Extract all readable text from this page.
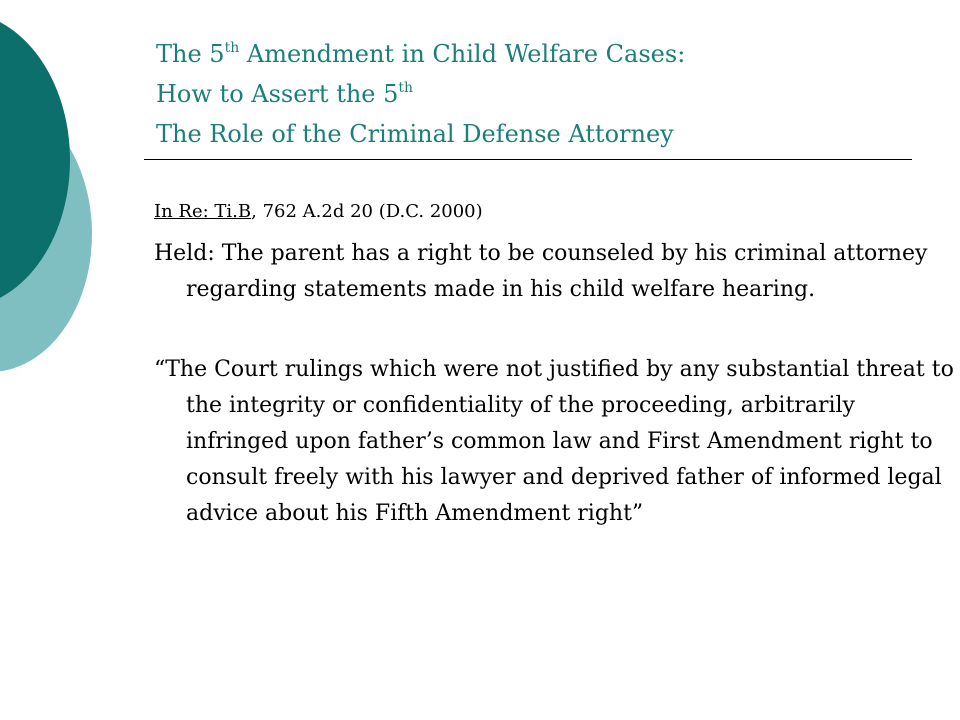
The 5th Amendment in Child Welfare Cases:
How to Assert the 5th
The Role of the Criminal Defense Attorney
In Re: Ti.B, 762 A.2d 20 (D.C. 2000)
Held: The parent has a right to be counseled by his criminal attorney regarding statements made in his child welfare hearing.
“The Court rulings which were not justified by any substantial threat to the integrity or confidentiality of the proceeding, arbitrarily infringed upon father’s common law and First Amendment right to consult freely with his lawyer and deprived father of informed legal advice about his Fifth Amendment right”
